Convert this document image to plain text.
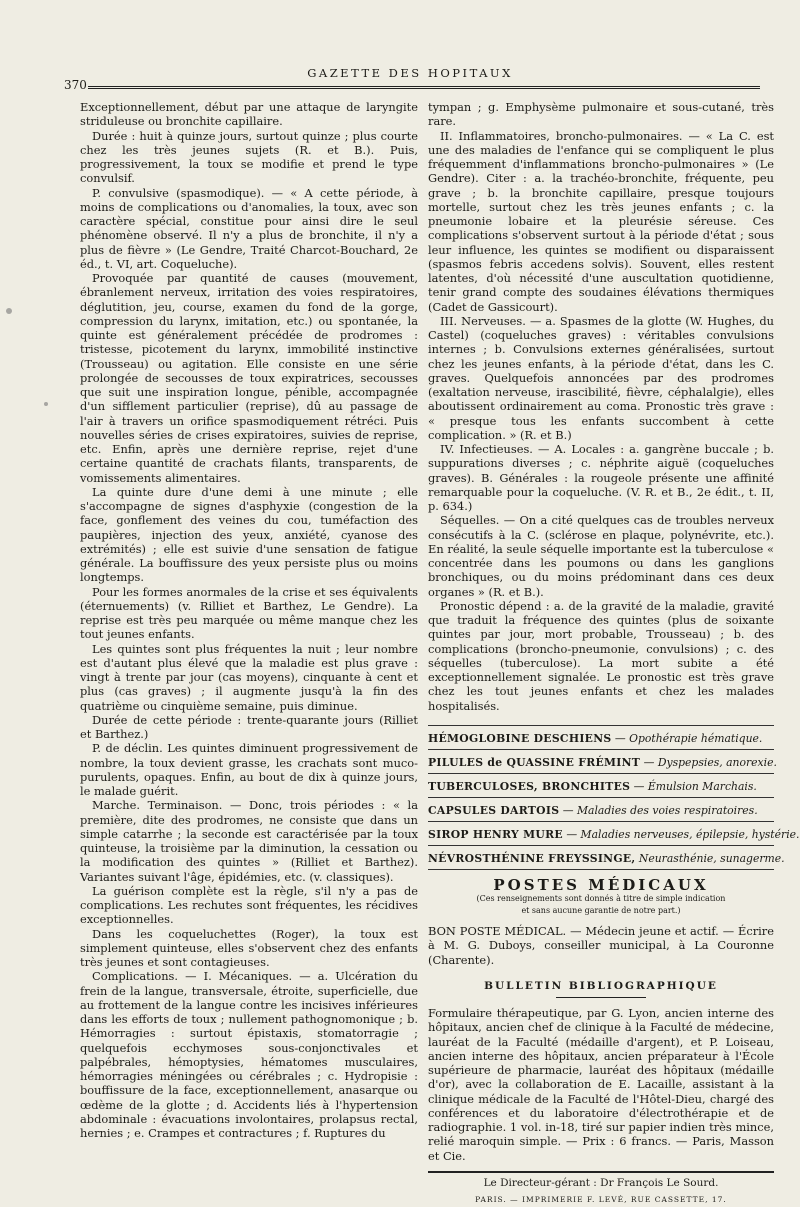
370
GAZETTE DES HOPITAUX

Exceptionnellement, début par une attaque de laryngite striduleuse ou bronchite capillaire.

Durée : huit à quinze jours, surtout quinze ; plus courte chez les très jeunes sujets (R. et B.). Puis, progressivement, la toux se modifie et prend le type convulsif.

P. convulsive (spasmodique). — « A cette période, à moins de complications ou d'anomalies, la toux, avec son caractère spécial, constitue pour ainsi dire le seul phénomène observé. Il n'y a plus de bronchite, il n'y a plus de fièvre » (Le Gendre, Traité Charcot-Bouchard, 2e éd., t. VI, art. Coqueluche).

Provoquée par quantité de causes (mouvement, ébranlement nerveux, irritation des voies respiratoires, déglutition, jeu, course, examen du fond de la gorge, compression du larynx, imitation, etc.) ou spontanée, la quinte est généralement précédée de prodromes : tristesse, picotement du larynx, immobilité instinctive (Trousseau) ou agitation. Elle consiste en une série prolongée de secousses de toux expiratrices, secousses que suit une inspiration longue, pénible, accompagnée d'un sifflement particulier (reprise), dû au passage de l'air à travers un orifice spasmodiquement rétréci. Puis nouvelles séries de crises expiratoires, suivies de reprise, etc. Enfin, après une dernière reprise, rejet d'une certaine quantité de crachats filants, transparents, de vomissements alimentaires.

La quinte dure d'une demi à une minute ; elle s'accompagne de signes d'asphyxie (congestion de la face, gonflement des veines du cou, tuméfaction des paupières, injection des yeux, anxiété, cyanose des extrémités) ; elle est suivie d'une sensation de fatigue générale. La bouffissure des yeux persiste plus ou moins longtemps.

Pour les formes anormales de la crise et ses équivalents (éternuements) (v. Rilliet et Barthez, Le Gendre). La reprise est très peu marquée ou même manque chez les tout jeunes enfants.

Les quintes sont plus fréquentes la nuit ; leur nombre est d'autant plus élevé que la maladie est plus grave : vingt à trente par jour (cas moyens), cinquante à cent et plus (cas graves) ; il augmente jusqu'à la fin des quatrième ou cinquième semaine, puis diminue.

Durée de cette période : trente-quarante jours (Rilliet et Barthez.)

P. de déclin. Les quintes diminuent progressivement de nombre, la toux devient grasse, les crachats sont muco-purulents, opaques. Enfin, au bout de dix à quinze jours, le malade guérit.

Marche. Terminaison. — Donc, trois périodes : « la première, dite des prodromes, ne consiste que dans un simple catarrhe ; la seconde est caractérisée par la toux quinteuse, la troisième par la diminution, la cessation ou la modification des quintes » (Rilliet et Barthez). Variantes suivant l'âge, épidémies, etc. (v. classiques).

La guérison complète est la règle, s'il n'y a pas de complications. Les rechutes sont fréquentes, les récidives exceptionnelles.

Dans les coqueluchettes (Roger), la toux est simplement quinteuse, elles s'observent chez des enfants très jeunes et sont contagieuses.

Complications. — I. Mécaniques. — a. Ulcération du frein de la langue, transversale, étroite, superficielle, due au frottement de la langue contre les incisives inférieures dans les efforts de toux ; nullement pathognomonique ; b. Hémorragies : surtout épistaxis, stomatorragie ; quelquefois ecchymoses sous-conjonctivales et palpébrales, hémoptysies, hématomes musculaires, hémorragies méningées ou cérébrales ; c. Hydropisie : bouffissure de la face, exceptionnellement, anasarque ou œdème de la glotte ; d. Accidents liés à l'hypertension abdominale : évacuations involontaires, prolapsus rectal, hernies ; e. Crampes et contractures ; f. Ruptures du

tympan ; g. Emphysème pulmonaire et sous-cutané, très rare.

II. Inflammatoires, broncho-pulmonaires. — « La C. est une des maladies de l'enfance qui se compliquent le plus fréquemment d'inflammations broncho-pulmonaires » (Le Gendre). Citer : a. la trachéo-bronchite, fréquente, peu grave ; b. la bronchite capillaire, presque toujours mortelle, surtout chez les très jeunes enfants ; c. la pneumonie lobaire et la pleurésie séreuse. Ces complications s'observent surtout à la période d'état ; sous leur influence, les quintes se modifient ou disparaissent (spasmos febris accedens solvis). Souvent, elles restent latentes, d'où nécessité d'une auscultation quotidienne, tenir grand compte des soudaines élévations thermiques (Cadet de Gassicourt).

III. Nerveuses. — a. Spasmes de la glotte (W. Hughes, du Castel) (coqueluches graves) : véritables convulsions internes ; b. Convulsions externes généralisées, surtout chez les jeunes enfants, à la période d'état, dans les C. graves. Quelquefois annoncées par des prodromes (exaltation nerveuse, irascibilité, fièvre, céphalalgie), elles aboutissent ordinairement au coma. Pronostic très grave : « presque tous les enfants succombent à cette complication. » (R. et B.)

IV. Infectieuses. — A. Locales : a. gangrène buccale ; b. suppurations diverses ; c. néphrite aiguë (coqueluches graves). B. Générales : la rougeole présente une affinité remarquable pour la coqueluche. (V. R. et B., 2e édit., t. II, p. 634.)

Séquelles. — On a cité quelques cas de troubles nerveux consécutifs à la C. (sclérose en plaque, polynévrite, etc.). En réalité, la seule séquelle importante est la tuberculose « concentrée dans les poumons ou dans les ganglions bronchiques, ou du moins prédominant dans ces deux organes » (R. et B.).

Pronostic dépend : a. de la gravité de la maladie, gravité que traduit la fréquence des quintes (plus de soixante quintes par jour, mort probable, Trousseau) ; b. des complications (broncho-pneumonie, convulsions) ; c. des séquelles (tuberculose). La mort subite a été exceptionnellement signalée. Le pronostic est très grave chez les tout jeunes enfants et chez les malades hospitalisés.

HÉMOGLOBINE DESCHIENS — Opothérapie hématique.
PILULES de QUASSINE FRÉMINT — Dyspepsies, anorexie.
TUBERCULOSES, BRONCHITES — Émulsion Marchais.
CAPSULES DARTOIS — Maladies des voies respiratoires.
SIROP HENRY MURE — Maladies nerveuses, épilepsie, hystérie.
NÉVROSTHÉNINE FREYSSINGE, Neurasthénie, sunagerme.
POSTES MÉDICAUX
(Ces renseignements sont donnés à titre de simple indication
et sans aucune garantie de notre part.)

BON POSTE MÉDICAL. — Médecin jeune et actif. — Écrire à M. G. Duboys, conseiller municipal, à La Couronne (Charente).

BULLETIN BIBLIOGRAPHIQUE

Formulaire thérapeutique, par G. Lyon, ancien interne des hôpitaux, ancien chef de clinique à la Faculté de médecine, lauréat de la Faculté (médaille d'argent), et P. Loiseau, ancien interne des hôpitaux, ancien préparateur à l'École supérieure de pharmacie, lauréat des hôpitaux (médaille d'or), avec la collaboration de E. Lacaille, assistant à la clinique médicale de la Faculté de l'Hôtel-Dieu, chargé des conférences et du laboratoire d'électrothérapie et de radiographie. 1 vol. in-18, tiré sur papier indien très mince, relié maroquin simple. — Prix : 6 francs. — Paris, Masson et Cie.

Le Directeur-gérant : Dr François Le Sourd.
PARIS. — IMPRIMERIE F. LEVÉ, RUE CASSETTE, 17.
